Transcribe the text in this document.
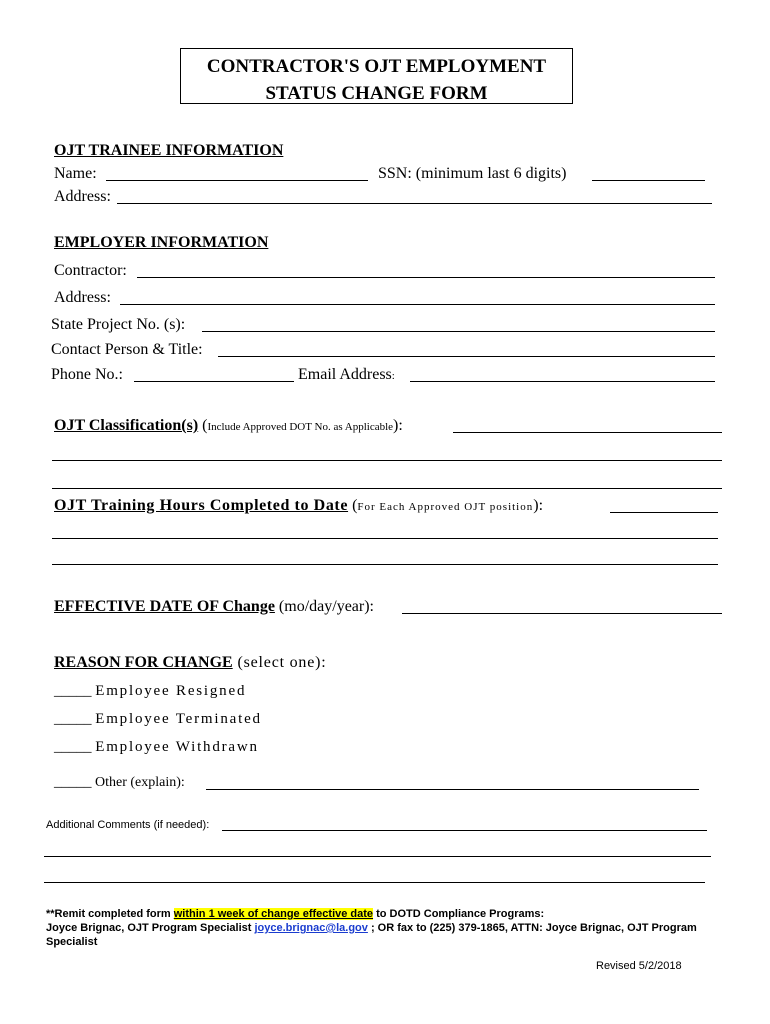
CONTRACTOR'S OJT EMPLOYMENT
STATUS CHANGE FORM
OJT TRAINEE INFORMATION
Name:	SSN: (minimum last 6 digits)
Address:
EMPLOYER INFORMATION
Contractor:
Address:
State Project No. (s):
Contact Person & Title:
Phone No.:	Email Address:
OJT Classification(s) (Include Approved DOT No. as Applicable):
OJT Training Hours Completed to Date (For Each Approved OJT position):
EFFECTIVE DATE OF Change (mo/day/year):
REASON FOR CHANGE (select one):
_____ Employee Resigned
_____ Employee Terminated
_____ Employee Withdrawn
_____ Other (explain):
Additional Comments (if needed):
**Remit completed form within 1 week of change effective date to DOTD Compliance Programs:
Joyce Brignac, OJT Program Specialist joyce.brignac@la.gov ; OR fax to (225) 379-1865, ATTN: Joyce Brignac, OJT Program
Specialist
Revised 5/2/2018
